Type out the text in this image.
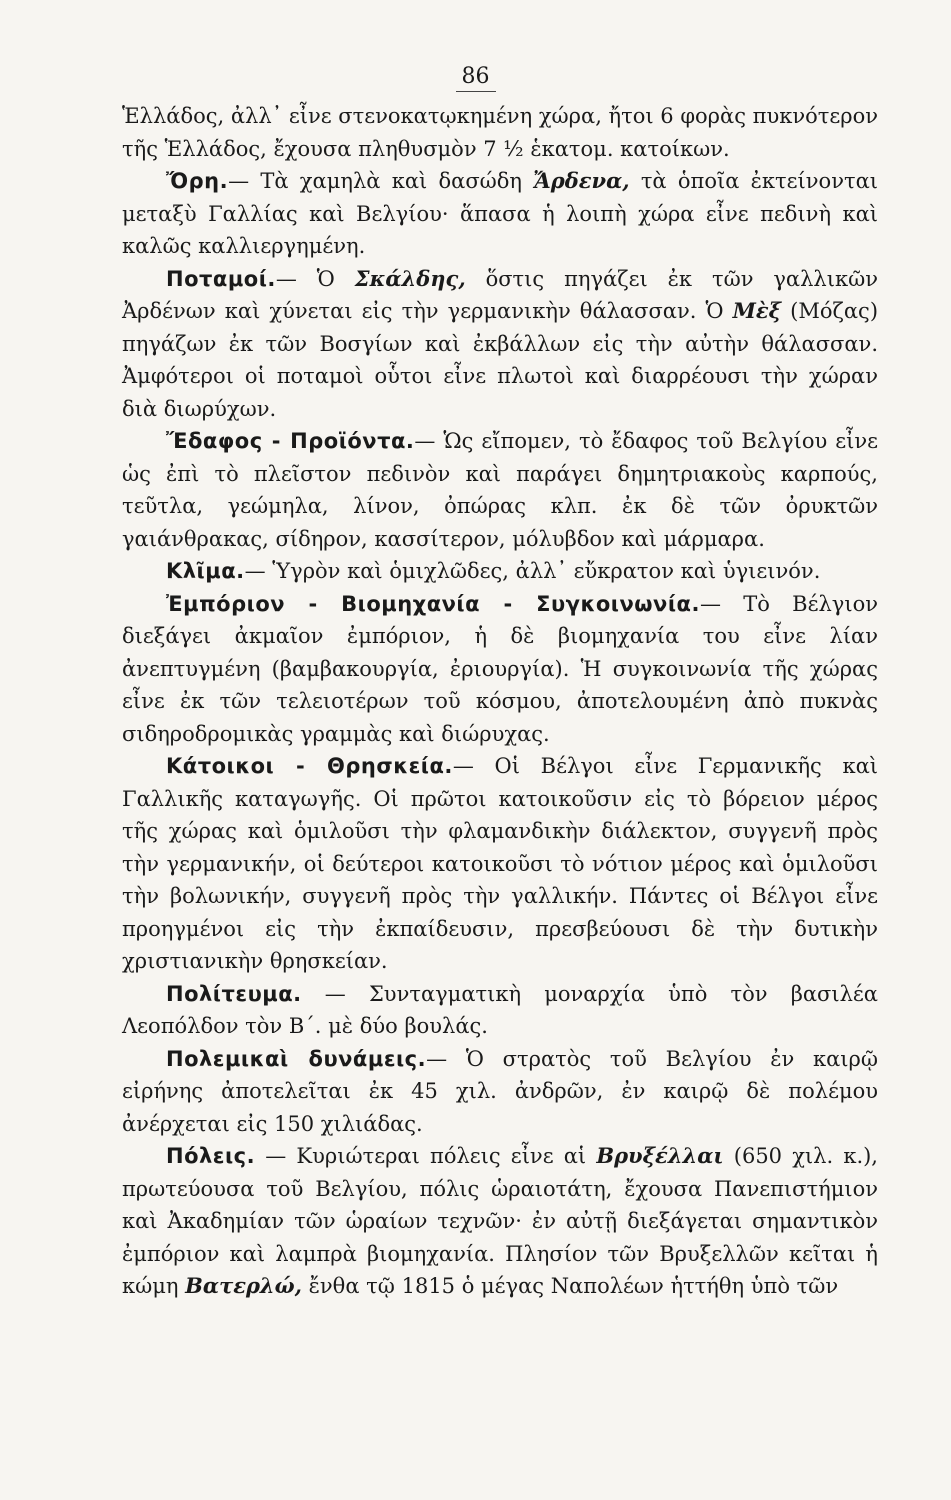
86

Ἑλλάδος, ἀλλ᾽ εἶνε στενοκατῳκημένη χώρα, ἤτοι 6 φορὰς πυκνότερον τῆς Ἑλλάδος, ἔχουσα πληθυσμὸν 7 ½ ἑκατομ. κατοίκων.

Ὄρη.— Τὰ χαμηλὰ καὶ δασώδη Ἄρδενα, τὰ ὁποῖα ἐκτείνονται μεταξὺ Γαλλίας καὶ Βελγίου· ἅπασα ἡ λοιπὴ χώρα εἶνε πεδινὴ καὶ καλῶς καλλιεργημένη.

Ποταμοί.— Ὁ Σκάλδης, ὅστις πηγάζει ἐκ τῶν γαλλικῶν Ἀρδένων καὶ χύνεται εἰς τὴν γερμανικὴν θάλασσαν. Ὁ Μὲξ (Μόζας) πηγάζων ἐκ τῶν Βοσγίων καὶ ἐκβάλλων εἰς τὴν αὐτὴν θάλασσαν. Ἀμφότεροι οἱ ποταμοὶ οὗτοι εἶνε πλωτοὶ καὶ διαρρέουσι τὴν χώραν διὰ διωρύχων.

Ἔδαφος - Προϊόντα.— Ὡς εἴπομεν, τὸ ἔδαφος τοῦ Βελγίου εἶνε ὡς ἐπὶ τὸ πλεῖστον πεδινὸν καὶ παράγει δημητριακοὺς καρπούς, τεῦτλα, γεώμηλα, λίνον, ὀπώρας κλπ. ἐκ δὲ τῶν ὀρυκτῶν γαιάνθρακας, σίδηρον, κασσίτερον, μόλυβδον καὶ μάρμαρα.

Κλῖμα.— Ὑγρὸν καὶ ὁμιχλῶδες, ἀλλ᾽ εὔκρατον καὶ ὑγιεινόν.

Ἐμπόριον - Βιομηχανία - Συγκοινωνία.— Τὸ Βέλγιον διεξάγει ἀκμαῖον ἐμπόριον, ἡ δὲ βιομηχανία του εἶνε λίαν ἀνεπτυγμένη (βαμβακουργία, ἐριουργία). Ἡ συγκοινωνία τῆς χώρας εἶνε ἐκ τῶν τελειοτέρων τοῦ κόσμου, ἀποτελουμένη ἀπὸ πυκνὰς σιδηροδρομικὰς γραμμὰς καὶ διώρυχας.

Κάτοικοι - Θρησκεία.— Οἱ Βέλγοι εἶνε Γερμανικῆς καὶ Γαλλικῆς καταγωγῆς. Οἱ πρῶτοι κατοικοῦσιν εἰς τὸ βόρειον μέρος τῆς χώρας καὶ ὁμιλοῦσι τὴν φλαμανδικὴν διάλεκτον, συγγενῆ πρὸς τὴν γερμανικήν, οἱ δεύτεροι κατοικοῦσι τὸ νότιον μέρος καὶ ὁμιλοῦσι τὴν βολωνικήν, συγγενῆ πρὸς τὴν γαλλικήν. Πάντες οἱ Βέλγοι εἶνε προηγμένοι εἰς τὴν ἐκπαίδευσιν, πρεσβεύουσι δὲ τὴν δυτικὴν χριστιανικὴν θρησκείαν.

Πολίτευμα. — Συνταγματικὴ μοναρχία ὑπὸ τὸν βασιλέα Λεοπόλδον τὸν Β΄. μὲ δύο βουλάς.

Πολεμικαὶ δυνάμεις.— Ὁ στρατὸς τοῦ Βελγίου ἐν καιρῷ εἰρήνης ἀποτελεῖται ἐκ 45 χιλ. ἀνδρῶν, ἐν καιρῷ δὲ πολέμου ἀνέρχεται εἰς 150 χιλιάδας.

Πόλεις. — Κυριώτεραι πόλεις εἶνε αἱ Βρυξέλλαι (650 χιλ. κ.), πρωτεύουσα τοῦ Βελγίου, πόλις ὡραιοτάτη, ἔχουσα Πανεπιστήμιον καὶ Ἀκαδημίαν τῶν ὡραίων τεχνῶν· ἐν αὐτῇ διεξάγεται σημαντικὸν ἐμπόριον καὶ λαμπρὰ βιομηχανία. Πλησίον τῶν Βρυξελλῶν κεῖται ἡ κώμη Βατερλώ, ἔνθα τῷ 1815 ὁ μέγας Ναπολέων ἡττήθη ὑπὸ τῶν
